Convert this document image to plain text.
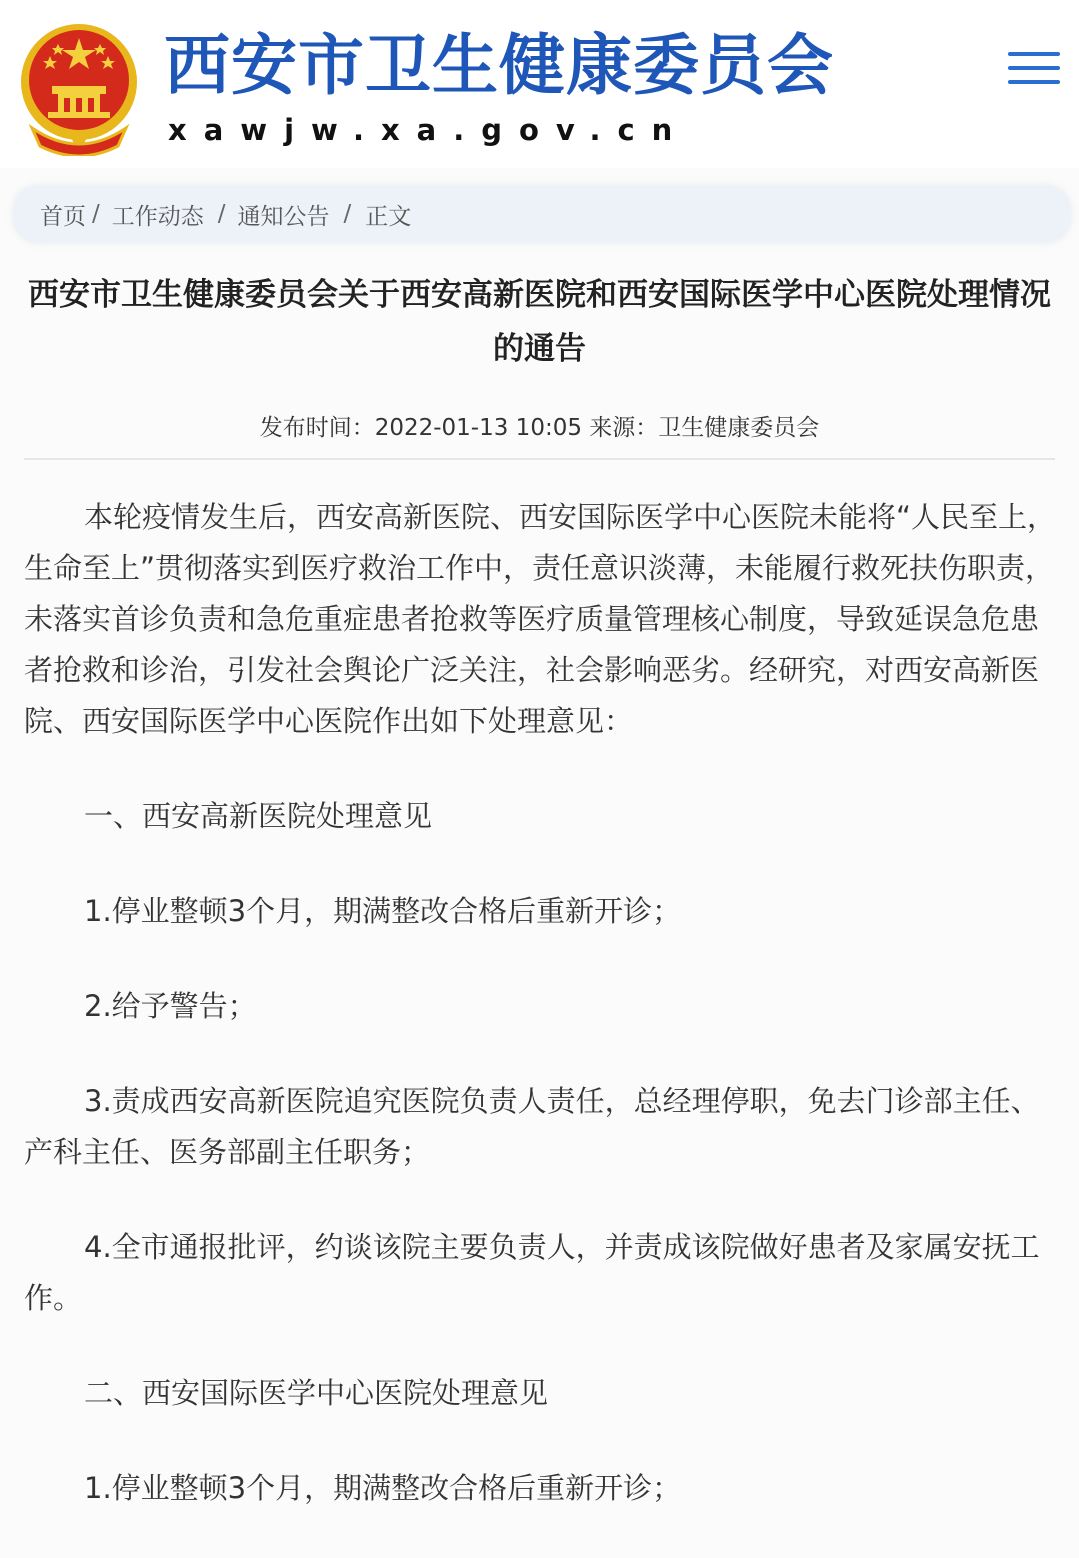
西安市卫生健康委员会
xawjw.xa.gov.cn
首页 / 工作动态 / 通知公告 / 正文
西安市卫生健康委员会关于西安高新医院和西安国际医学中心医院处理情况的通告
发布时间：2022-01-13 10:05 来源：卫生健康委员会

本轮疫情发生后，西安高新医院、西安国际医学中心医院未能将“人民至上，生命至上”贯彻落实到医疗救治工作中，责任意识淡薄，未能履行救死扶伤职责，未落实首诊负责和急危重症患者抢救等医疗质量管理核心制度，导致延误急危患者抢救和诊治，引发社会舆论广泛关注，社会影响恶劣。经研究，对西安高新医院、西安国际医学中心医院作出如下处理意见：

一、西安高新医院处理意见

1.停业整顿3个月，期满整改合格后重新开诊；

2.给予警告；

3.责成西安高新医院追究医院负责人责任，总经理停职，免去门诊部主任、产科主任、医务部副主任职务；

4.全市通报批评，约谈该院主要负责人，并责成该院做好患者及家属安抚工作。

二、西安国际医学中心医院处理意见

1.停业整顿3个月，期满整改合格后重新开诊；
